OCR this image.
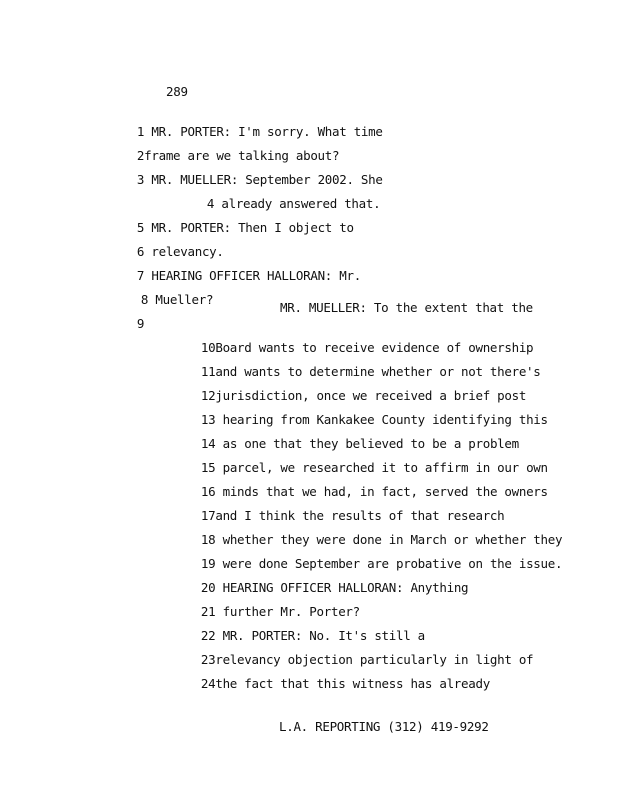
289

1 MR. PORTER: I'm sorry. What time

2frame are we talking about?

3 MR. MUELLER: September 2002. She

4 already answered that.

5 MR. PORTER: Then I object to

6 relevancy.

7 HEARING OFFICER HALLORAN: Mr.

8 Mueller?

9

MR. MUELLER: To the extent that the

10Board wants to receive evidence of ownership

11and wants to determine whether or not there's

12jurisdiction, once we received a brief post

13 hearing from Kankakee County identifying this

14 as one that they believed to be a problem

15 parcel, we researched it to affirm in our own

16 minds that we had, in fact, served the owners

17and I think the results of that research

18 whether they were done in March or whether they

19 were done September are probative on the issue.

20 HEARING OFFICER HALLORAN: Anything

21 further Mr. Porter?

22 MR. PORTER: No. It's still a

23relevancy objection particularly in light of

24the fact that this witness has already

L.A. REPORTING (312) 419-9292
